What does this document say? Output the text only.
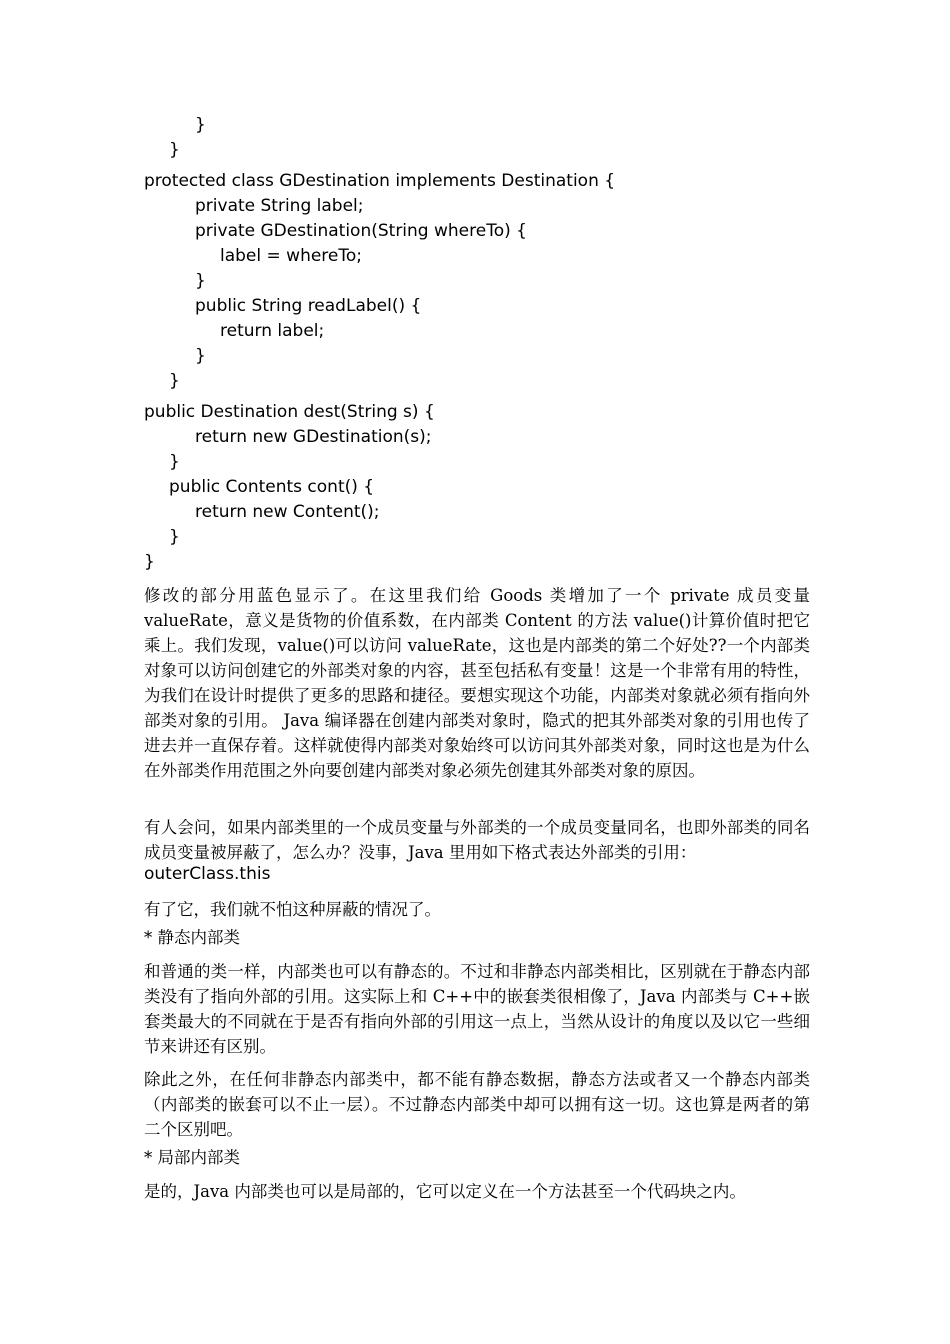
}
}
protected class GDestination implements Destination {
private String label;
private GDestination(String whereTo) {
label = whereTo;
}
public String readLabel() {
return label;
}
}
public Destination dest(String s) {
return new GDestination(s);
}
public Contents cont() {
return new Content();
}
}

修改的部分用蓝色显示了。在这里我们给 Goods 类增加了一个 private 成员变量 valueRate，意义是货物的价值系数，在内部类 Content 的方法 value()计算价值时把它乘上。我们发现，value()可以访问 valueRate，这也是内部类的第二个好处??一个内部类对象可以访问创建它的外部类对象的内容，甚至包括私有变量！这是一个非常有用的特性，为我们在设计时提供了更多的思路和捷径。要想实现这个功能，内部类对象就必须有指向外部类对象的引用。 Java 编译器在创建内部类对象时，隐式的把其外部类对象的引用也传了进去并一直保存着。这样就使得内部类对象始终可以访问其外部类对象，同时这也是为什么在外部类作用范围之外向要创建内部类对象必须先创建其外部类对象的原因。

有人会问，如果内部类里的一个成员变量与外部类的一个成员变量同名，也即外部类的同名成员变量被屏蔽了，怎么办？没事，Java 里用如下格式表达外部类的引用：

outerClass.this

有了它，我们就不怕这种屏蔽的情况了。

* 静态内部类

和普通的类一样，内部类也可以有静态的。不过和非静态内部类相比，区别就在于静态内部类没有了指向外部的引用。这实际上和 C++中的嵌套类很相像了，Java 内部类与 C++嵌套类最大的不同就在于是否有指向外部的引用这一点上，当然从设计的角度以及以它一些细节来讲还有区别。

除此之外，在任何非静态内部类中，都不能有静态数据，静态方法或者又一个静态内部类（内部类的嵌套可以不止一层）。不过静态内部类中却可以拥有这一切。这也算是两者的第二个区别吧。

* 局部内部类

是的，Java 内部类也可以是局部的，它可以定义在一个方法甚至一个代码块之内。
